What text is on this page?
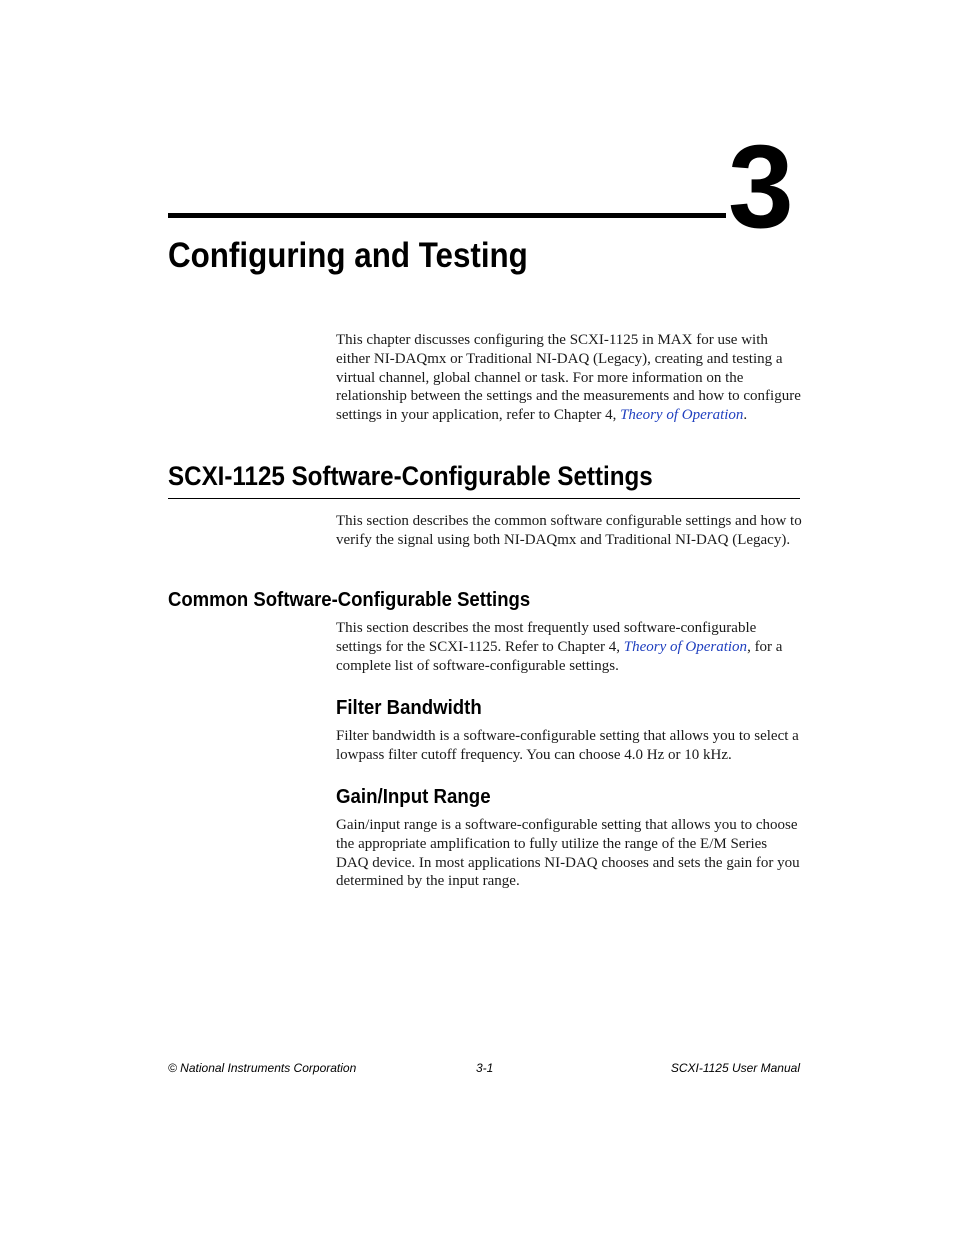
3
Configuring and Testing

This chapter discusses configuring the SCXI-1125 in MAX for use with either NI-DAQmx or Traditional NI-DAQ (Legacy), creating and testing a virtual channel, global channel or task. For more information on the relationship between the settings and the measurements and how to configure settings in your application, refer to Chapter 4, Theory of Operation.

SCXI-1125 Software-Configurable Settings

This section describes the common software configurable settings and how to verify the signal using both NI-DAQmx and Traditional NI-DAQ (Legacy).

Common Software-Configurable Settings

This section describes the most frequently used software-configurable settings for the SCXI-1125. Refer to Chapter 4, Theory of Operation, for a complete list of software-configurable settings.

Filter Bandwidth

Filter bandwidth is a software-configurable setting that allows you to select a lowpass filter cutoff frequency. You can choose 4.0 Hz or 10 kHz.

Gain/Input Range

Gain/input range is a software-configurable setting that allows you to choose the appropriate amplification to fully utilize the range of the E/M Series DAQ device. In most applications NI-DAQ chooses and sets the gain for you determined by the input range.

© National Instruments Corporation	3-1	SCXI-1125 User Manual
